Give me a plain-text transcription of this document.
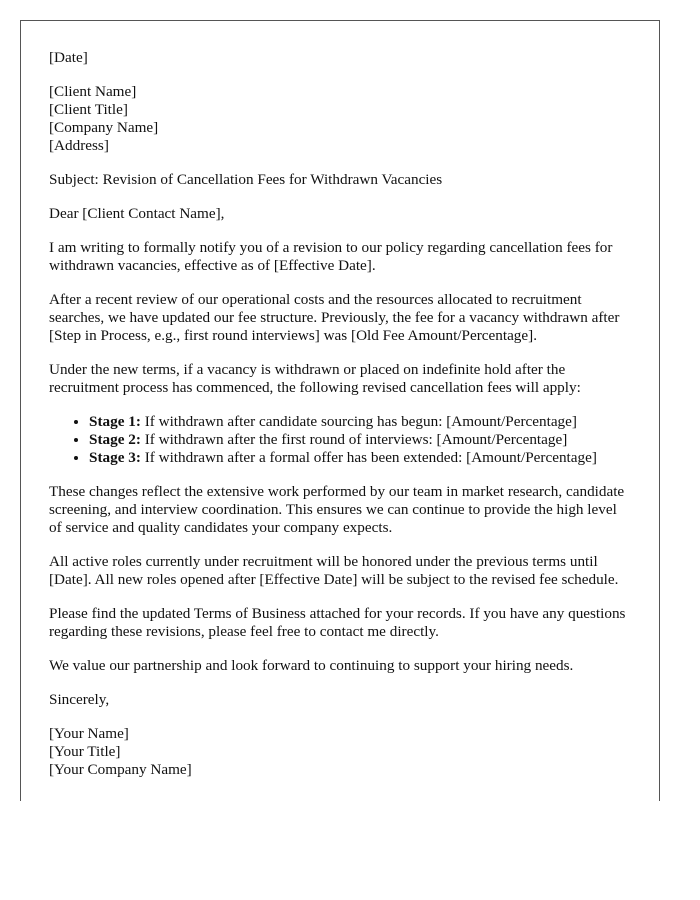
[Date]
[Client Name]
[Client Title]
[Company Name]
[Address]
Subject: Revision of Cancellation Fees for Withdrawn Vacancies
Dear [Client Contact Name],

I am writing to formally notify you of a revision to our policy regarding cancellation fees for withdrawn vacancies, effective as of [Effective Date].

After a recent review of our operational costs and the resources allocated to recruitment searches, we have updated our fee structure. Previously, the fee for a vacancy withdrawn after [Step in Process, e.g., first round interviews] was [Old Fee Amount/Percentage].

Under the new terms, if a vacancy is withdrawn or placed on indefinite hold after the recruitment process has commenced, the following revised cancellation fees will apply:

• Stage 1: If withdrawn after candidate sourcing has begun: [Amount/Percentage]
• Stage 2: If withdrawn after the first round of interviews: [Amount/Percentage]
• Stage 3: If withdrawn after a formal offer has been extended: [Amount/Percentage]

These changes reflect the extensive work performed by our team in market research, candidate screening, and interview coordination. This ensures we can continue to provide the high level of service and quality candidates your company expects.

All active roles currently under recruitment will be honored under the previous terms until [Date]. All new roles opened after [Effective Date] will be subject to the revised fee schedule.

Please find the updated Terms of Business attached for your records. If you have any questions regarding these revisions, please feel free to contact me directly.

We value our partnership and look forward to continuing to support your hiring needs.

Sincerely,
[Your Name]
[Your Title]
[Your Company Name]
